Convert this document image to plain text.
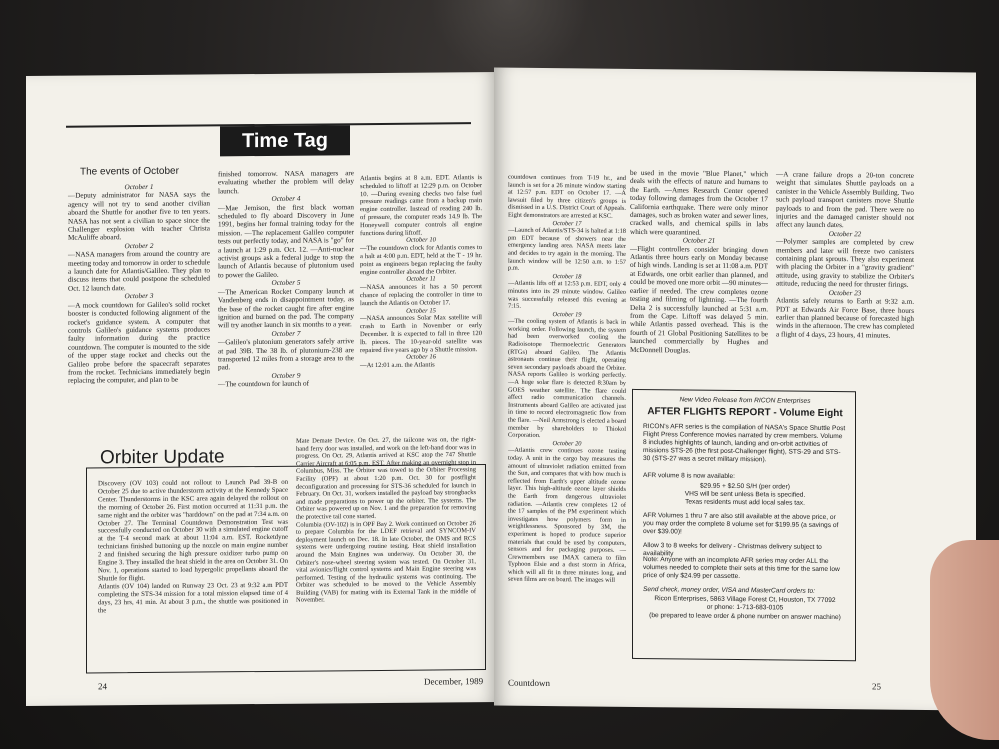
Time Tag
The events of October
October 1
—Deputy administrator for NASA says the agency will not try to send another civilian aboard the Shuttle for another five to ten years. NASA has not sent a civilian to space since the Challenger explosion with teacher Christa McAuliffe aboard.
October 2
—NASA managers from around the country are meeting today and tomorrow in order to schedule a launch date for Atlantis/Galileo. They plan to discuss items that could postpone the scheduled Oct. 12 launch date.
October 3
—A mock countdown for Galileo's solid rocket booster is conducted following alignment of the rocket's guidance system. A computer that controls Galileo's guidance systems produces faulty information during the practice countdown. The computer is mounted to the side of the upper stage rocket and checks out the Galileo probe before the spacecraft separates from the rocket. Technicians immediately begin replacing the computer, and plan to be
finished tomorrow. NASA managers are evaluating whether the problem will delay launch.
October 4
—Mae Jemison, the first black woman scheduled to fly aboard Discovery in June 1991, begins her formal training today for the mission. —The replacement Galileo computer tests out perfectly today, and NASA is "go" for a launch at 1:29 p.m. Oct. 12. —Anti-nuclear activist groups ask a federal judge to stop the launch of Atlantis because of plutonium used to power the Galileo.
October 5
—The American Rocket Company launch at Vandenberg ends in disappointment today, as the base of the rocket caught fire after engine ignition and burned on the pad. The company will try another launch in six months to a year.
October 7
—Galileo's plutonium generators safely arrive at pad 39B. The 38 lb. of plutonium-238 are transported 12 miles from a storage area to the pad.
October 9
—The countdown for launch of
Atlantis begins at 8 a.m. EDT. Atlantis is scheduled to liftoff at 12:29 p.m. on October 10. —During evening checks two false fuel pressure readings came from a backup main engine controller. Instead of reading 240 lb. of pressure, the computer reads 14.9 lb. The Honeywell computer controls all engine functions during liftoff.
October 10
—The countdown clock for Atlantis comes to a halt at 4:00 p.m. EDT, held at the T - 19 hr. point as engineers began replacing the faulty engine controller aboard the Orbiter.
October 11
—NASA announces it has a 50 percent chance of replacing the controller in time to launch the Atlantis on October 17.
October 15
—NASA announces Solar Max satellite will crash to Earth in November or early December. It is expected to fall in three 120 lb. pieces. The 10-year-old satellite was repaired five years ago by a Shuttle mission.
October 16
—At 12:01 a.m. the Atlantis
Orbiter Update
Discovery (OV 103) could not rollout to Launch Pad 39-B on October 25 due to active thunderstorm activity at the Kennedy Space Center. Thunderstorms in the KSC area again delayed the rollout on the morning of October 26. First motion occurred at 11:31 p.m. the same night and the orbiter was "harddown" on the pad at 7:34 a.m. on October 27. The Terminal Countdown Demonstration Test was successfully conducted on October 30 with a simulated engine cutoff at the T-4 second mark at about 11:04 a.m. EST. Rocketdyne technicians finished buttoning up the nozzle on main engine number 2 and finished securing the high pressure oxidizer turbo pump on Engine 3. They installed the heat shield in the area on October 31. On Nov. 1, operations started to load hypergolic propellants aboard the Shuttle for flight.
Atlantis (OV 104) landed on Runway 23 Oct. 23 at 9:32 a.m PDT completing the STS-34 mission for a total mission elapsed time of 4 days, 23 hrs, 41 min. At about 3 p.m., the shuttle was positioned in the
Mate Demate Device. On Oct. 27, the tailcone was on, the right-hand ferry door was installed, and work on the left-hand door was in progress. On Oct. 29, Atlantis arrived at KSC atop the 747 Shuttle Carrier Aircraft at 6:05 p.m. EST. After making an overnight stop in Columbus, Miss. The Orbiter was towed to the Orbiter Processing Facility (OPF) at about 1:20 p.m. Oct. 30 for postflight deconfiguration and processing for STS-36 scheduled for launch in February. On Oct. 31, workers installed the payload bay strongbacks and made preparations to power up the orbiter. The systems. The Orbiter was powered up on Nov. 1 and the preparation for removing the protective tail cone started.
Columbia (OV-102) is in OPF Bay 2. Work continued on October 26 to prepare Columbia for the LDEF retrieval and SYNCOM-IV deployment launch on Dec. 18. In late October, the OMS and RCS systems were undergoing routine testing. Heat shield installation around the Main Engines was underway. On October 30, the Orbiter's nose-wheel steering system was tested. On October 31, vital avionics/flight control systems and Main Engine steering was performed. Testing of the hydraulic systems was continuing. The Orbiter was scheduled to be moved to the Vehicle Assembly Building (VAB) for mating with its External Tank in the middle of November.
24	December, 1989
countdown continues from T-19 hr., and launch is set for a 26 minute window starting at 12:57 p.m. EDT on October 17. —A lawsuit filed by three citizen's groups is dismissed in a U.S. District Court of Appeals. Eight demonstrators are arrested at KSC.
October 17
—Launch of Atlantis/STS-34 is halted at 1:18 pm EDT because of showers near the emergency landing area. NASA meets later and decides to try again in the morning. The launch window will be 12:50 a.m. to 1:57 p.m.
October 18
—Atlantis lifts off at 12:53 p.m. EDT, only 4 minutes into its 29 minute window. Galileo was successfully released this evening at 7:15.
October 19
—The cooling system of Atlantis is back in working order. Following launch, the system had been overworked cooling the Radioisotope Thermoelectric Generators (RTGs) aboard Galileo. The Atlantis astronauts continue their flight, operating seven secondary payloads aboard the Orbiter. NASA reports Galileo is working perfectly. —A huge solar flare is detected 8:30am by GOES weather satellite. The flare could affect radio communication channels. Instruments aboard Galileo are activated just in time to record electromagnetic flow from the flare. —Neil Armstrong is elected a board member by shareholders to Thiokol Corporation.
October 20
—Atlantis crew continues ozone testing today. A unit in the cargo bay measures the amount of ultraviolet radiation emitted from the Sun, and compares that with how much is reflected from Earth's upper altitude ozone layer. This high-altitude ozone layer shields the Earth from dangerous ultraviolet radiation. —Atlantis crew completes 12 of the 17 samples of the PM experiment which investigates how polymers form in weightlessness. Sponsored by 3M, the experiment is hoped to produce superior materials that could be used by computers, sensors and for packaging purposes. —Crewmembers use IMAX camera to film Typhoon Elsie and a dust storm in Africa, which will all fit in three minutes long, and seven films are on board. The images will
be used in the movie "Blue Planet," which deals with the effects of nature and humans to the Earth. —Ames Research Center opened today following damages from the October 17 California earthquake. There were only minor damages, such as broken water and sewer lines, cracked walls, and chemical spills in labs which were quarantined.
October 21
—Flight controllers consider bringing down Atlantis three hours early on Monday because of high winds. Landing is set at 11:08 a.m. PDT at Edwards, one orbit earlier than planned, and could be moved one more orbit —90 minutes—earlier if needed. The crew completes ozone testing and filming of lightning. —The fourth Delta 2 is successfully launched at 5:31 a.m. from the Cape. Liftoff was delayed 5 min. while Atlantis passed overhead. This is the fourth of 21 Global Positioning Satellites to be launched commercially by Hughes and McDonnell Douglas.
—A crane failure drops a 20-ton concrete weight that simulates Shuttle payloads on a canister in the Vehicle Assembly Building. Two such payload transport canisters move Shuttle payloads to and from the pad. There were no injuries and the damaged canister should not affect any launch dates.
October 22
—Polymer samples are completed by crew members and later will freeze two canisters containing plant sprouts. They also experiment with placing the Orbiter in a "gravity gradient" attitude, using gravity to stabilize the Orbiter's attitude, reducing the need for thruster firings.
October 23
Atlantis safely returns to Earth at 9:32 a.m. PDT at Edwards Air Force Base, three hours earlier than planned because of forecasted high winds in the afternoon. The crew has completed a flight of 4 days, 23 hours, 41 minutes.
New Video Release from RICON Enterprises
AFTER FLIGHTS REPORT - Volume Eight
RICON's AFR series is the compilation of NASA's Space Shuttle Post Flight Press Conference movies narrated by crew members. Volume 8 includes highlights of launch, landing and on-orbit activities of missions STS-26 (the first post-Challenger flight), STS-29 and STS-30 (STS-27 was a secret military mission).
AFR volume 8 is now available:
$29.95 + $2.50 S/H (per order)
VHS will be sent unless Beta is specified.
Texas residents must add local sales tax.
AFR Volumes 1 thru 7 are also still available at the above price, or you may order the complete 8 volume set for $199.95 (a savings of over $39.00)!
Allow 3 to 8 weeks for delivery - Christmas delivery subject to availability
Note: Anyone with an incomplete AFR series may order ALL the volumes needed to complete their sets at this time for the same low price of only $24.99 per cassette.
Send check, money order, VISA and MasterCard orders to:
Ricon Enterprises, 5863 Village Forest Ct, Houston, TX 77092
or phone: 1-713-683-0105
(be prepared to leave order & phone number on answer machine)
Countdown	25
